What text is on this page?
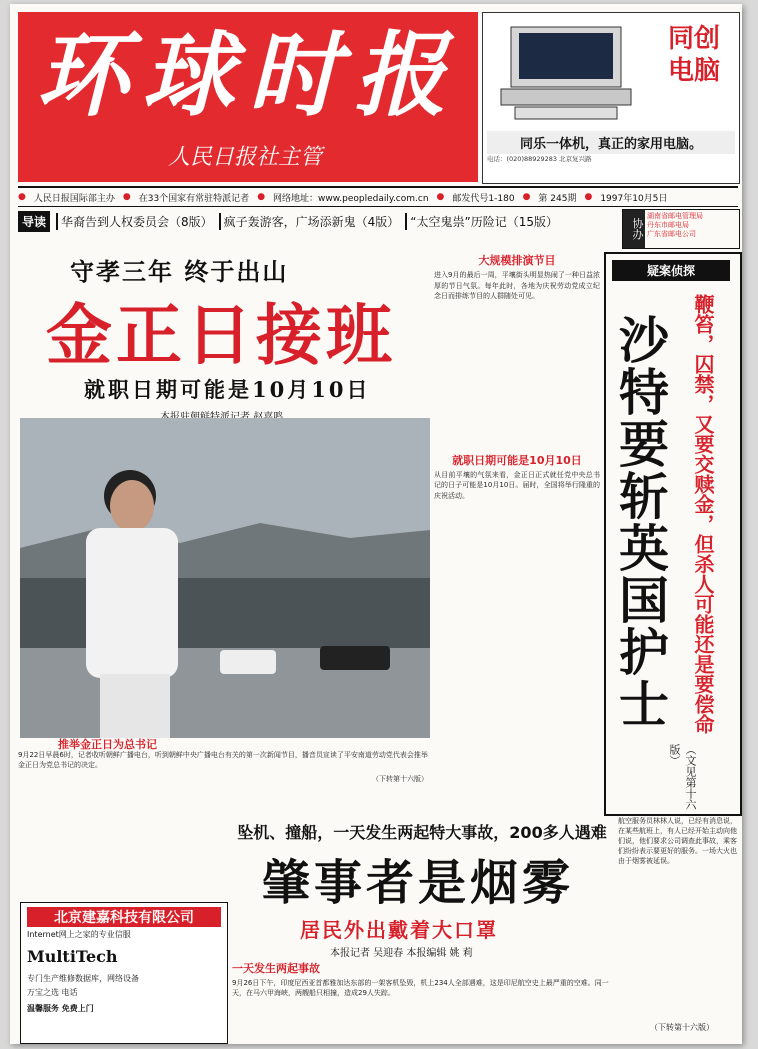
环球时报
人民日报社主管
同创电脑
同乐一体机，真正的家用电脑。
电话：(020)88929283 北京复兴路
● 人民日报国际部主办 ● 在33个国家有常驻特派记者 ● 网络地址：www.peopledaily.com.cn ● 邮发代号1-180 ● 第 245期 ● 1997年10月5日
导读	华裔告到人权委员会（8版） 疯子轰游客，广场添新鬼（4版） “太空鬼祟”历险记（15版）	协办
湖南省邮电管理局
丹东市邮电局
广东省邮电公司
守孝三年 终于出山
金正日接班
就职日期可能是10月10日
大规模排演节目
进入9月的最后一周，平壤街头明显热闹了一种日益浓厚的节日气氛。每年此时，各地为庆祝劳动党成立纪念日而排练节目的人群随处可见。
就职日期可能是10月10日
从目前平壤的气氛来看，金正日正式就任党中央总书记的日子可能是10月10日。届时，全国将举行隆重的庆祝活动。
疑案侦探
沙特要斩英国护士 鞭笞，囚禁，又要交赎金，但杀人可能还是要偿命
（文见第十六版）
推举金正日为总书记
9月22日早晨6时，记者收听朝鲜广播电台，听到朝鲜中央广播电台有关的第一次新闻节目，播音员宣读了平安南道劳动党代表会推举金正日为党总书记的决定。
（下转第十六版）
北京建嘉科技有限公司
Internet网上之家的专业信服
MultiTech
专门生产维修数据库，网络设备
万宝之选 电话
温馨服务 免费上门
坠机、撞船，一天发生两起特大事故，200多人遇难
肇事者是烟雾
居民外出戴着大口罩
本报记者 吴迎春 本报编辑 姚 莉
一天发生两起事故
9月26日下午，印度尼西亚首都雅加达东部的一架客机坠毁，机上234人全部遇难，这是印尼航空史上最严重的空难。同一天，在马六甲海峡，两艘船只相撞，造成29人失踪。
航空服务员林林人说，已经有消息说，在某些航班上，有人已经开始主动向他们说，他们要求公司调查此事故，乘客们纷纷表示要更好的服务。一场大火也由于烟雾被延误。
（下转第十六版）
